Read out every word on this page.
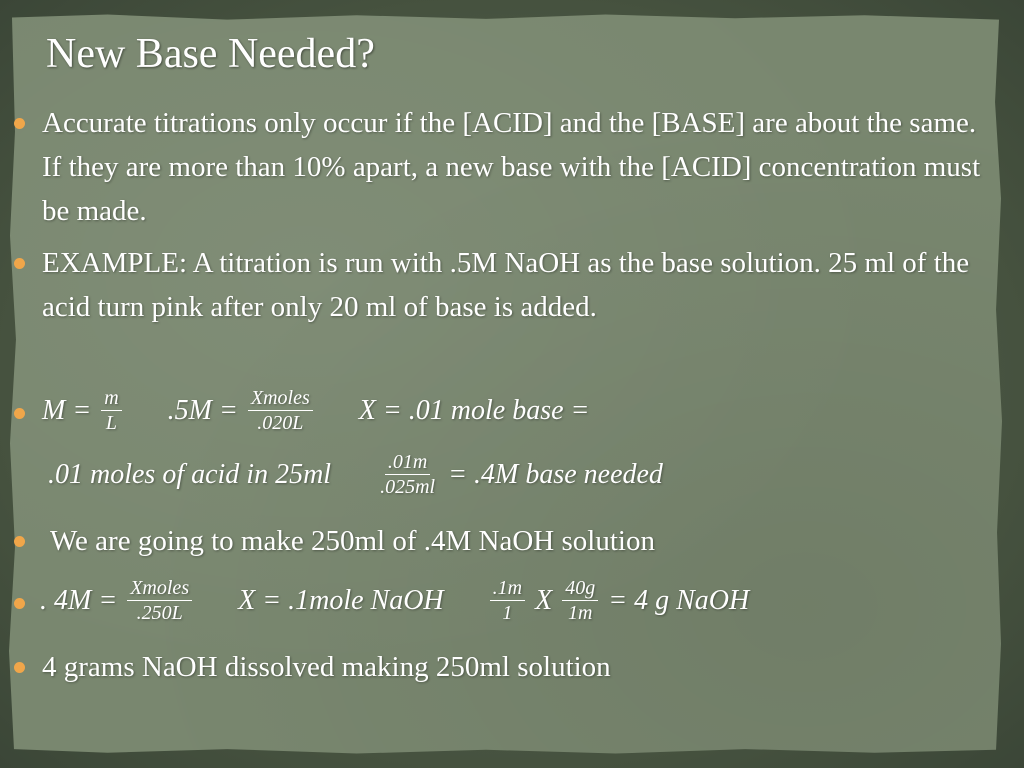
New Base Needed?
Accurate titrations only occur if the [ACID] and the [BASE] are about the same. If they are more than 10% apart, a new base with the [ACID] concentration must be made.
EXAMPLE: A titration is run with .5M NaOH as the base solution. 25 ml of the acid turn pink after only 20 ml of base is added.
$M = \frac{m}{L} .5M = \frac{\text{Xmoles}}{.020L}$ X = .01 mole base =
.01 moles of acid in $25ml \frac{.01m}{.025ml} = .4M$ base needed
We are going to make 250ml of .4M NaOH solution
. $4M = \frac{\text{Xmoles}}{.250L}$ X = .1mole NaOH $\frac{.1m}{1}$ X $\frac{40g}{1m} = 4$ g NaOH
4 grams NaOH dissolved making 250ml solution
